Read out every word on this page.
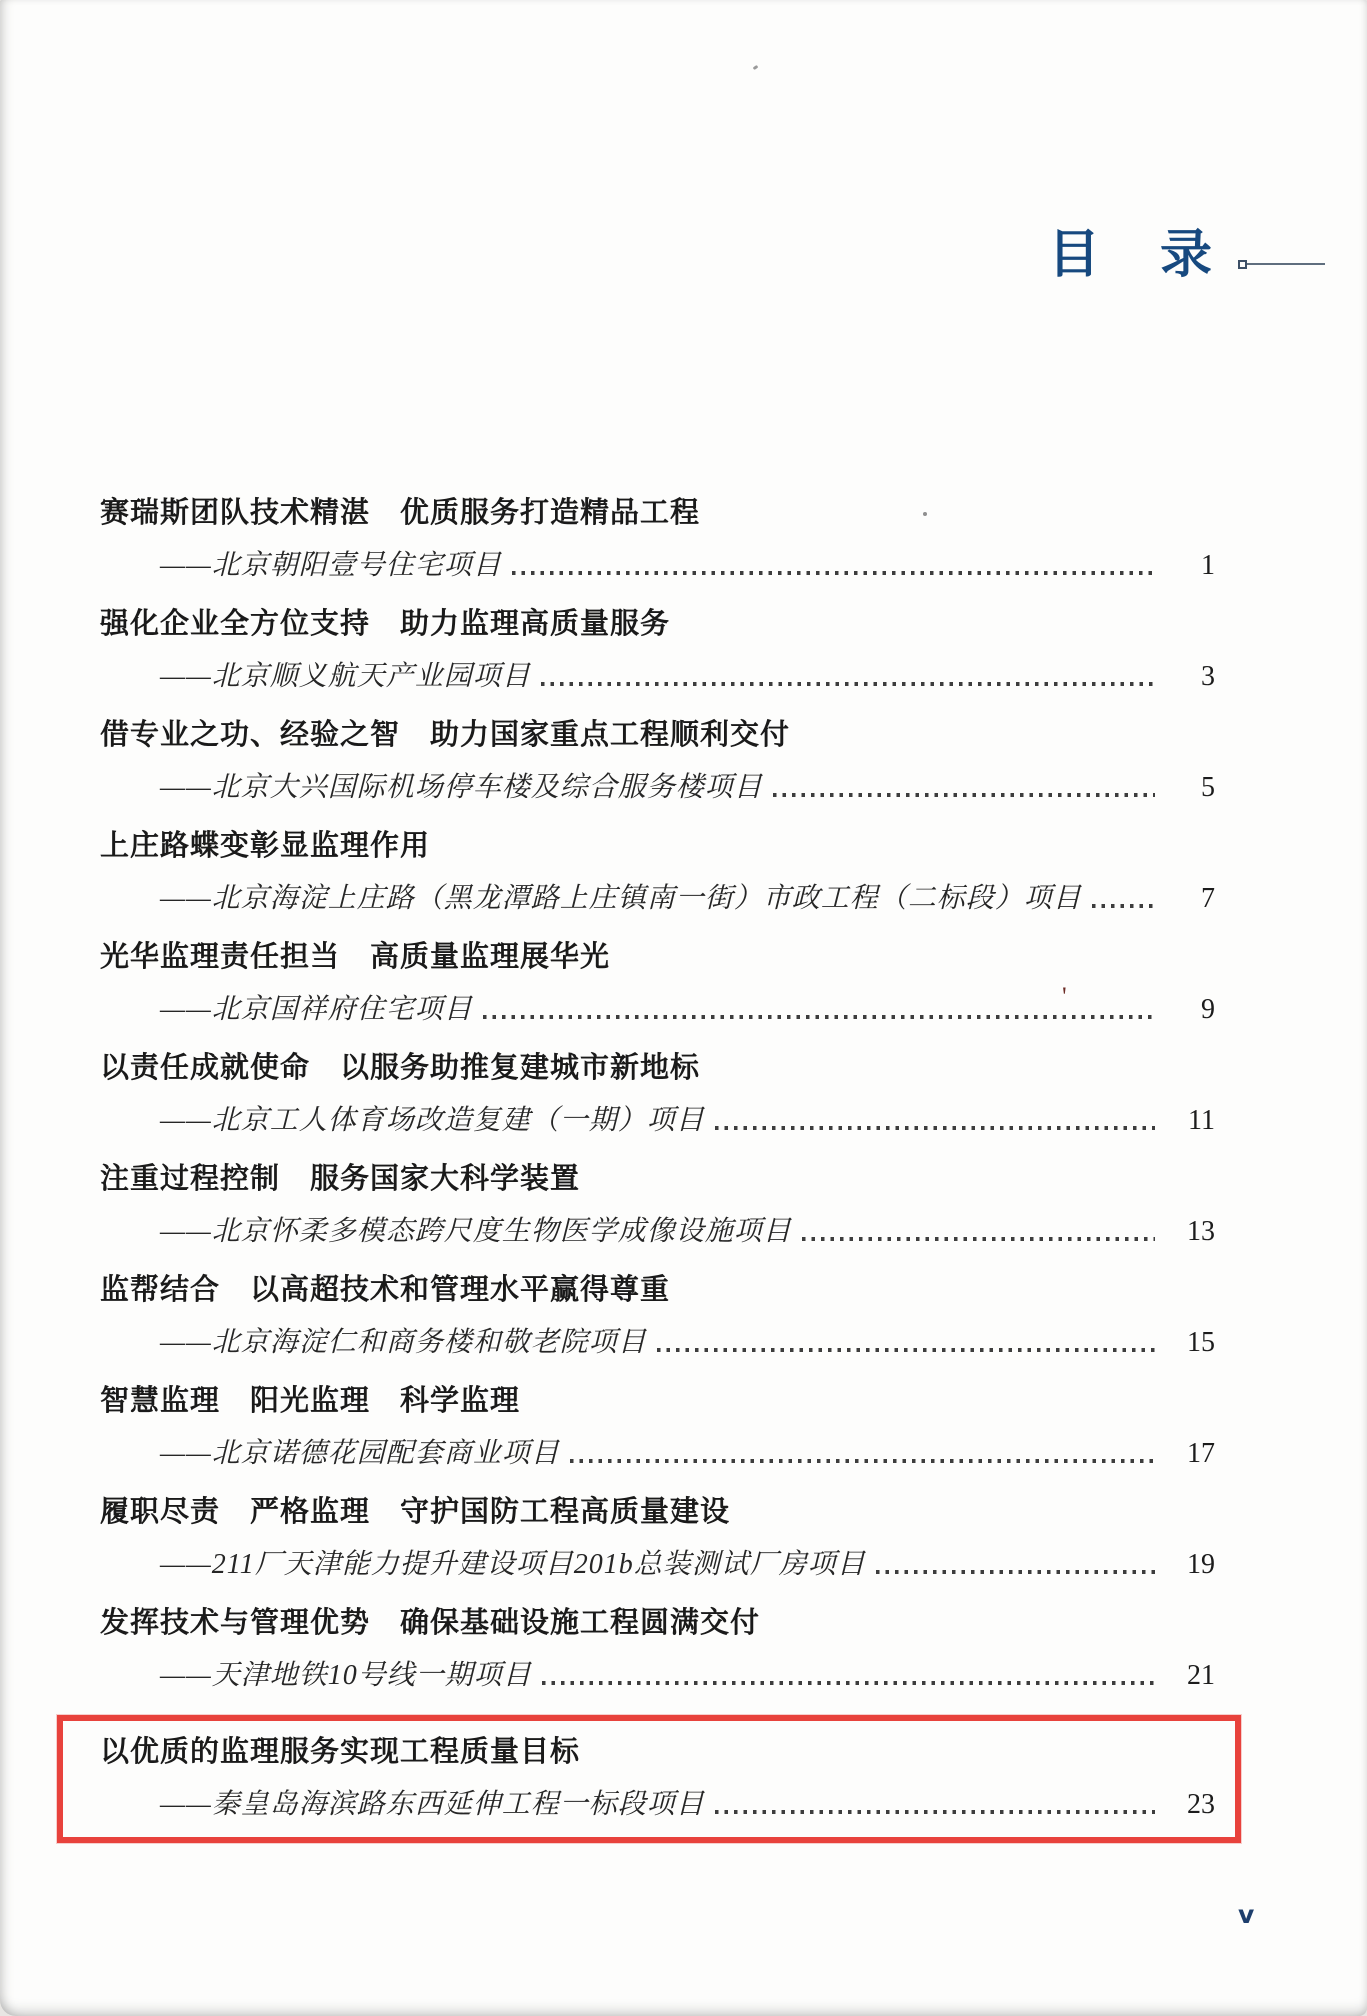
目　录
赛瑞斯团队技术精湛　优质服务打造精品工程
——北京朝阳壹号住宅项目	1
强化企业全方位支持　助力监理高质量服务
——北京顺义航天产业园项目	3
借专业之功、经验之智　助力国家重点工程顺利交付
——北京大兴国际机场停车楼及综合服务楼项目	5
上庄路蝶变彰显监理作用
——北京海淀上庄路（黑龙潭路上庄镇南一街）市政工程（二标段）项目	7
光华监理责任担当　高质量监理展华光
——北京国祥府住宅项目	9
以责任成就使命　以服务助推复建城市新地标
——北京工人体育场改造复建（一期）项目	11
注重过程控制　服务国家大科学装置
——北京怀柔多模态跨尺度生物医学成像设施项目	13
监帮结合　以高超技术和管理水平赢得尊重
——北京海淀仁和商务楼和敬老院项目	15
智慧监理　阳光监理　科学监理
——北京诺德花园配套商业项目	17
履职尽责　严格监理　守护国防工程高质量建设
——211厂天津能力提升建设项目201b总装测试厂房项目	19
发挥技术与管理优势　确保基础设施工程圆满交付
——天津地铁10号线一期项目	21
以优质的监理服务实现工程质量目标
——秦皇岛海滨路东西延伸工程一标段项目	23
v
'
